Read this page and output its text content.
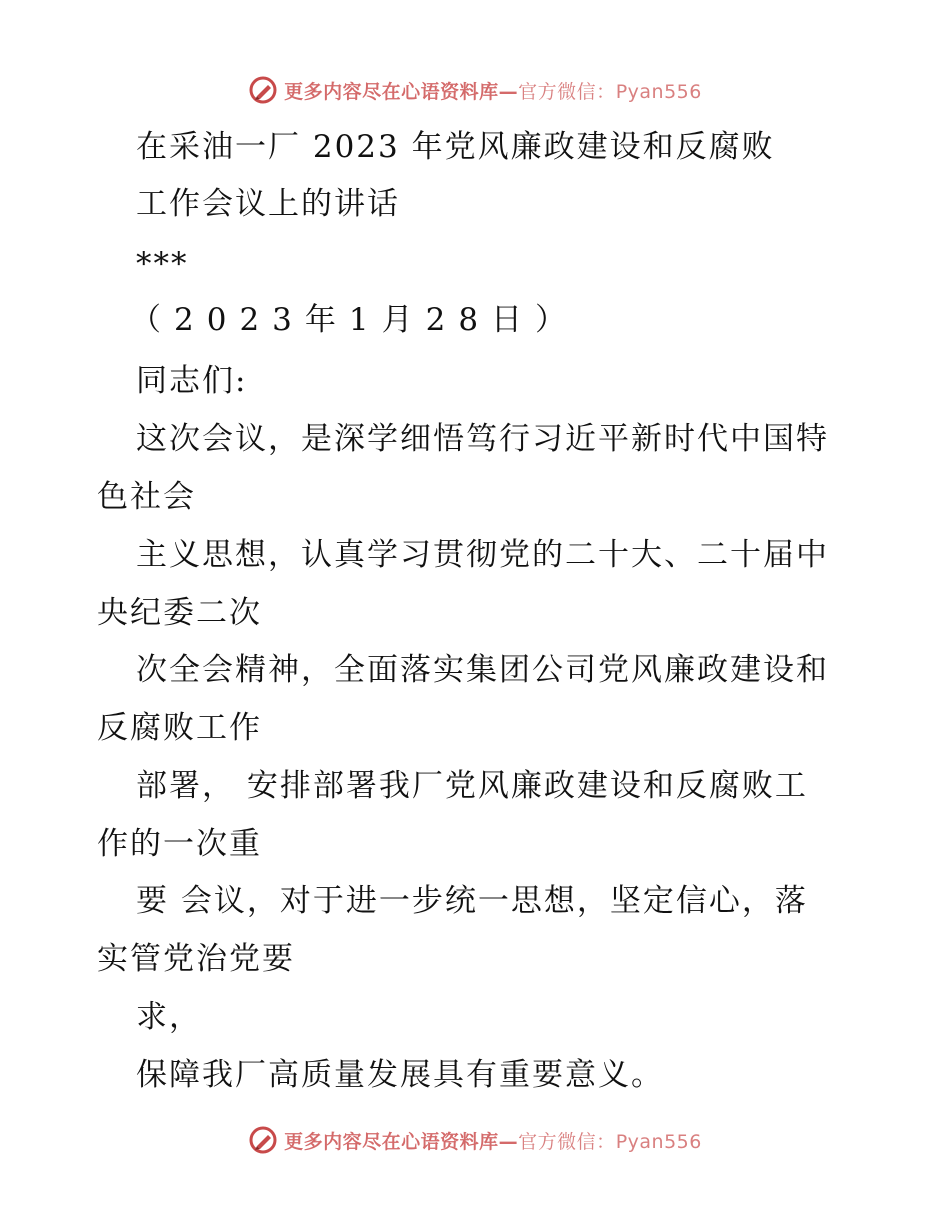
更多内容尽在心语资料库—官方微信：Pyan556
在采油一厂 2023 年党风廉政建设和反腐败
工作会议上的讲话
***
（2023年1月28日）
同志们:
这次会议，是深学细悟笃行习近平新时代中国特
色社会
主义思想，认真学习贯彻党的二十大、二十届中
央纪委二次
次全会精神，全面落实集团公司党风廉政建设和
反腐败工作
部署， 安排部署我厂党风廉政建设和反腐败工
作的一次重
要 会议，对于进一步统一思想，坚定信心，落
实管党治党要
求，
保障我厂高质量发展具有重要意义。
更多内容尽在心语资料库—官方微信：Pyan556
